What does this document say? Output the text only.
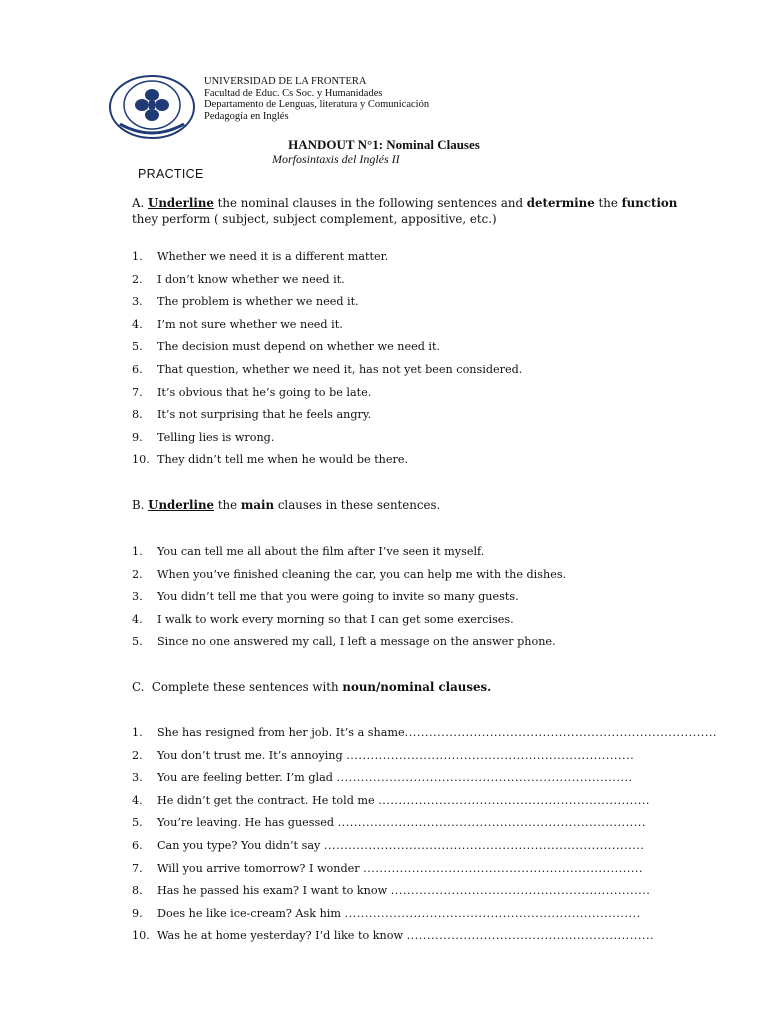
UNIVERSIDAD DE LA FRONTERA
Facultad de Educ. Cs Soc. y Humanidades
Departamento de Lenguas, literatura y Comunicación
Pedagogía en Inglés
HANDOUT N°1: Nominal Clauses
Morfosintaxis del Inglés II
PRACTICE
A. Underline the nominal clauses in the following sentences and determine the function
they perform ( subject, subject complement, appositive, etc.)
1.	Whether we need it is a different matter.
2.	I don’t know whether we need it.
3.	The problem is whether we need it.
4.	I’m not sure whether we need it.
5.	The decision must depend on whether we need it.
6.	That question, whether we need it, has not yet been considered.
7.	It’s obvious that he’s going to be late.
8.	It’s not surprising that he feels angry.
9.	Telling lies is wrong.
10. They didn’t tell me when he would be there.
B. Underline the main clauses in these sentences.
1.	You can tell me all about the film after I’ve seen it myself.
2.	When you’ve finished cleaning the car, you can help me with the dishes.
3.	You didn’t tell me that you were going to invite so many guests.
4.	I walk to work every morning so that I can get some exercises.
5.	Since no one answered my call, I left a message on the answer phone.
C. Complete these sentences with noun/nominal clauses.
1.	She has resigned from her job. It’s a shame.............................................................................
2.	You don’t trust me. It’s annoying .......................................................................
3.	You are feeling better. I’m glad .........................................................................
4.	He didn’t get the contract. He told me ...................................................................
5.	You’re leaving. He has guessed ............................................................................
6.	Can you type? You didn’t say ...............................................................................
7.	Will you arrive tomorrow? I wonder .....................................................................
8.	Has he passed his exam? I want to know ................................................................
9.	Does he like ice-cream? Ask him .........................................................................
10. Was he at home yesterday? I’d like to know .............................................................
